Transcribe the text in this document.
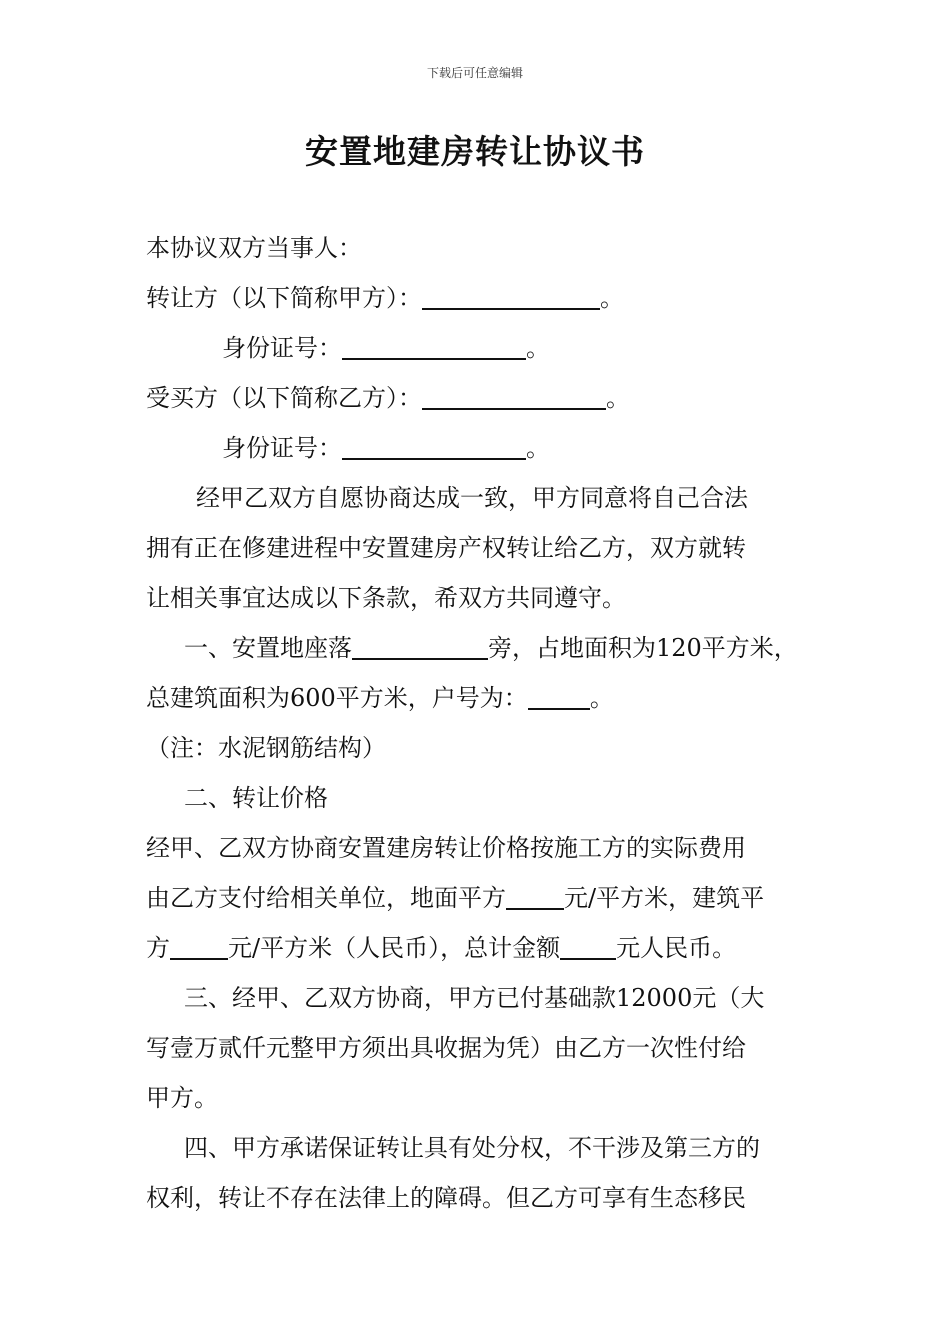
下载后可任意编辑
安置地建房转让协议书
本协议双方当事人：
转让方（以下简称甲方）：	。
身份证号：	。
受买方（以下简称乙方）：	。
身份证号：	。
经甲乙双方自愿协商达成一致，甲方同意将自己合法
拥有正在修建进程中安置建房产权转让给乙方，双方就转
让相关事宜达成以下条款，希双方共同遵守。
一、安置地座落	旁，占地面积为120平方米，
总建筑面积为600平方米，户号为：	。
（注：水泥钢筋结构）
二、转让价格
经甲、乙双方协商安置建房转让价格按施工方的实际费用
由乙方支付给相关单位，地面平方 元/平方米，建筑平
方 元/平方米（人民币），总计金额 元人民币。
三、经甲、乙双方协商，甲方已付基础款12000元（大
写壹万贰仟元整甲方须出具收据为凭）由乙方一次性付给
甲方。
四、甲方承诺保证转让具有处分权，不干涉及第三方的
权利，转让不存在法律上的障碍。但乙方可享有生态移民
